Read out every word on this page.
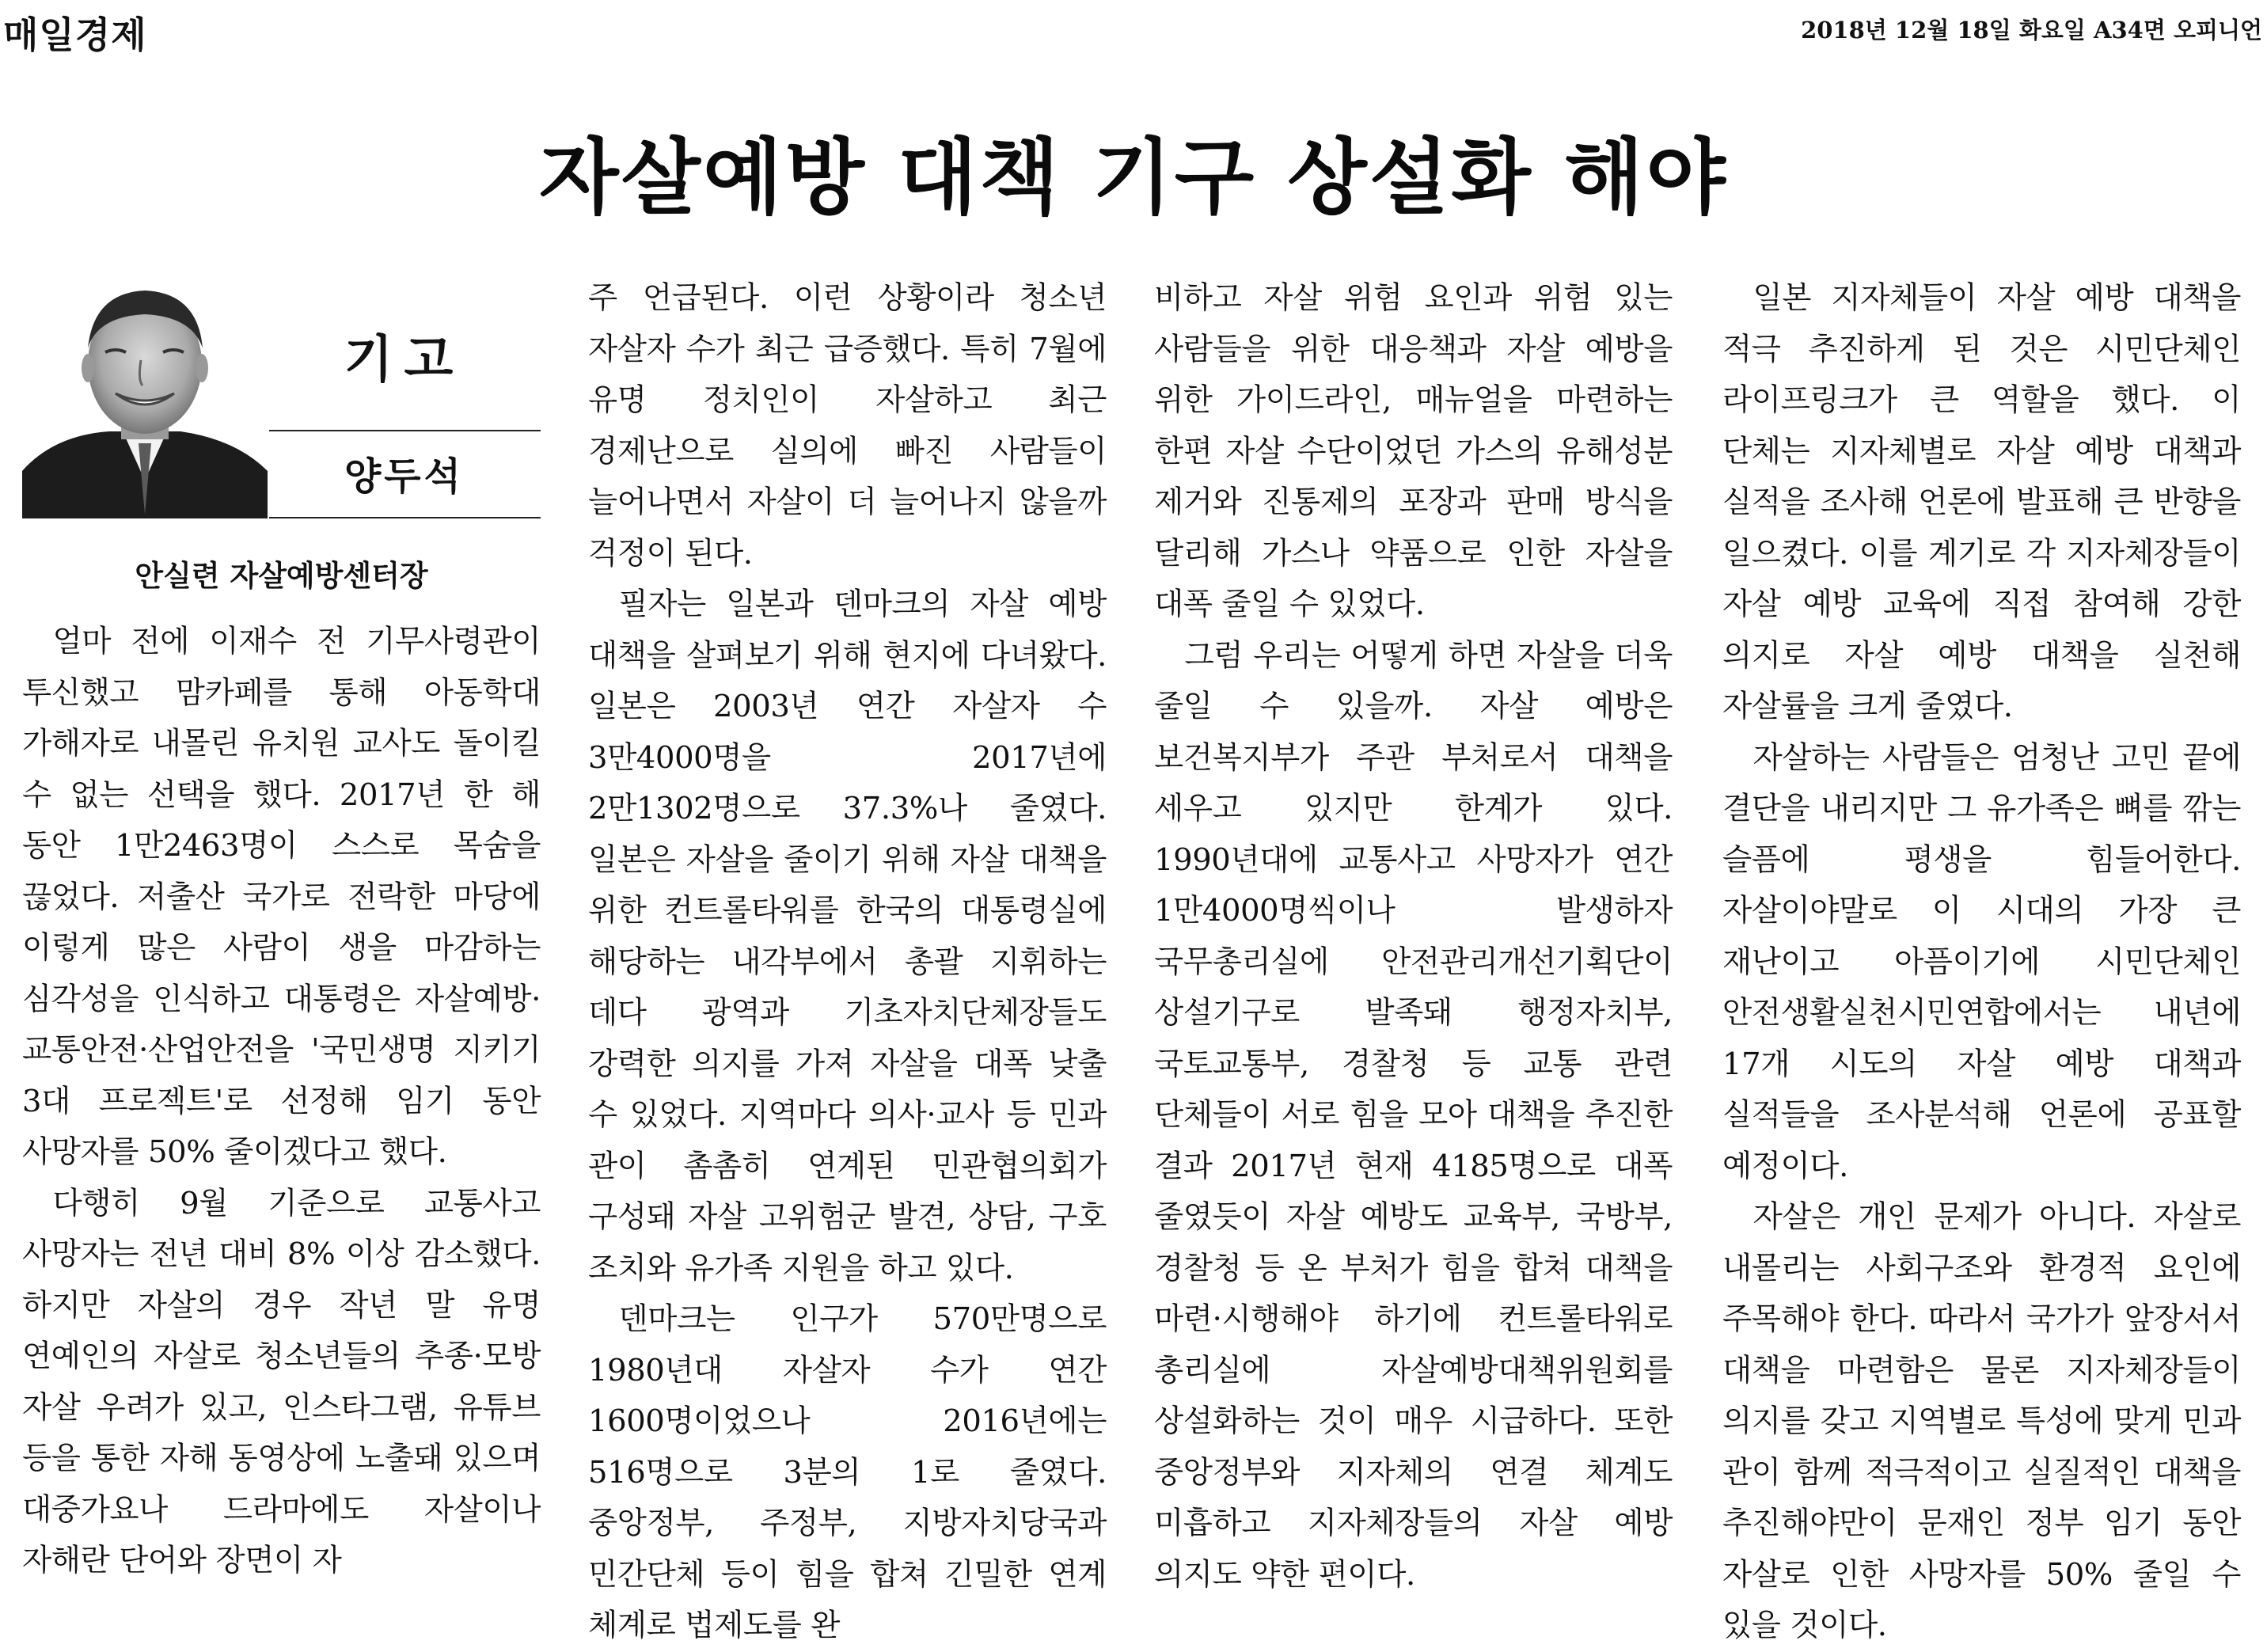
매일경제	2018년 12월 18일 화요일 A34면 오피니언
자살예방 대책 기구 상설화 해야
기고
양두석
안실련 자살예방센터장

얼마 전에 이재수 전 기무사령관이 투신했고 맘카페를 통해 아동학대 가해자로 내몰린 유치원 교사도 돌이킬 수 없는 선택을 했다. 2017년 한 해 동안 1만2463명이 스스로 목숨을 끊었다. 저출산 국가로 전락한 마당에 이렇게 많은 사람이 생을 마감하는 심각성을 인식하고 대통령은 자살예방·교통안전·산업안전을 '국민생명 지키기 3대 프로젝트'로 선정해 임기 동안 사망자를 50% 줄이겠다고 했다.

다행히 9월 기준으로 교통사고 사망자는 전년 대비 8% 이상 감소했다. 하지만 자살의 경우 작년 말 유명 연예인의 자살로 청소년들의 추종·모방 자살 우려가 있고, 인스타그램, 유튜브 등을 통한 자해 동영상에 노출돼 있으며 대중가요나 드라마에도 자살이나 자해란 단어와 장면이 자

주 언급된다. 이런 상황이라 청소년 자살자 수가 최근 급증했다. 특히 7월에 유명 정치인이 자살하고 최근 경제난으로 실의에 빠진 사람들이 늘어나면서 자살이 더 늘어나지 않을까 걱정이 된다.

필자는 일본과 덴마크의 자살 예방 대책을 살펴보기 위해 현지에 다녀왔다. 일본은 2003년 연간 자살자 수 3만4000명을 2017년에 2만1302명으로 37.3%나 줄였다. 일본은 자살을 줄이기 위해 자살 대책을 위한 컨트롤타워를 한국의 대통령실에 해당하는 내각부에서 총괄 지휘하는 데다 광역과 기초자치단체장들도 강력한 의지를 가져 자살을 대폭 낮출 수 있었다. 지역마다 의사·교사 등 민과 관이 촘촘히 연계된 민관협의회가 구성돼 자살 고위험군 발견, 상담, 구호 조치와 유가족 지원을 하고 있다.

덴마크는 인구가 570만명으로 1980년대 자살자 수가 연간 1600명이었으나 2016년에는 516명으로 3분의 1로 줄였다. 중앙정부, 주정부, 지방자치당국과 민간단체 등이 힘을 합쳐 긴밀한 연계 체계로 법제도를 완

비하고 자살 위험 요인과 위험 있는 사람들을 위한 대응책과 자살 예방을 위한 가이드라인, 매뉴얼을 마련하는 한편 자살 수단이었던 가스의 유해성분 제거와 진통제의 포장과 판매 방식을 달리해 가스나 약품으로 인한 자살을 대폭 줄일 수 있었다.

그럼 우리는 어떻게 하면 자살을 더욱 줄일 수 있을까. 자살 예방은 보건복지부가 주관 부처로서 대책을 세우고 있지만 한계가 있다. 1990년대에 교통사고 사망자가 연간 1만4000명씩이나 발생하자 국무총리실에 안전관리개선기획단이 상설기구로 발족돼 행정자치부, 국토교통부, 경찰청 등 교통 관련 단체들이 서로 힘을 모아 대책을 추진한 결과 2017년 현재 4185명으로 대폭 줄였듯이 자살 예방도 교육부, 국방부, 경찰청 등 온 부처가 힘을 합쳐 대책을 마련·시행해야 하기에 컨트롤타워로 총리실에 자살예방대책위원회를 상설화하는 것이 매우 시급하다. 또한 중앙정부와 지자체의 연결 체계도 미흡하고 지자체장들의 자살 예방 의지도 약한 편이다.

일본 지자체들이 자살 예방 대책을 적극 추진하게 된 것은 시민단체인 라이프링크가 큰 역할을 했다. 이 단체는 지자체별로 자살 예방 대책과 실적을 조사해 언론에 발표해 큰 반향을 일으켰다. 이를 계기로 각 지자체장들이 자살 예방 교육에 직접 참여해 강한 의지로 자살 예방 대책을 실천해 자살률을 크게 줄였다.

자살하는 사람들은 엄청난 고민 끝에 결단을 내리지만 그 유가족은 뼈를 깎는 슬픔에 평생을 힘들어한다. 자살이야말로 이 시대의 가장 큰 재난이고 아픔이기에 시민단체인 안전생활실천시민연합에서는 내년에 17개 시도의 자살 예방 대책과 실적들을 조사분석해 언론에 공표할 예정이다.

자살은 개인 문제가 아니다. 자살로 내몰리는 사회구조와 환경적 요인에 주목해야 한다. 따라서 국가가 앞장서서 대책을 마련함은 물론 지자체장들이 의지를 갖고 지역별로 특성에 맞게 민과 관이 함께 적극적이고 실질적인 대책을 추진해야만이 문재인 정부 임기 동안 자살로 인한 사망자를 50% 줄일 수 있을 것이다.
